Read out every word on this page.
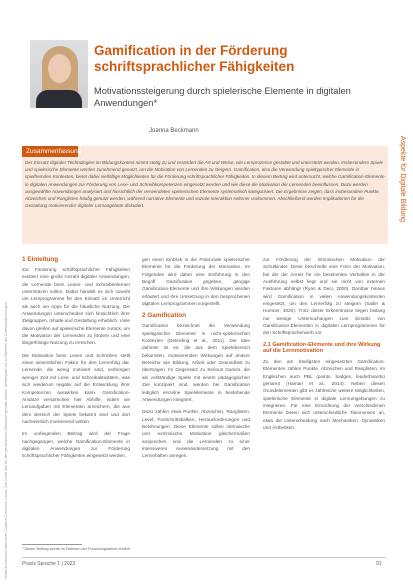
Inhalt ist lizenziert nach einer Creative Commons Lizenz. Der Inhalt darf für den persönlichen Gebrauch genutzt werden. Weitergabe nur im Rahmen der Lizenzbestimmungen.
Aspekte für Digitale Bildung
Gamification in der Förderung schriftsprachlicher Fähigkeiten

Motivationssteigerung durch spielerische Elemente in digitalen Anwendungen*

Joanna Beckmann
Zusammenfassung

Der Einsatz digitaler Technologien im Bildungskontext nimmt stetig zu und verändert die Art und Weise, wie Lernprozesse gestaltet und unterstützt werden. Insbesondere Spiele und spielerische Elemente werden zunehmend genutzt, um die Motivation von Lernenden zu steigern. Gamification, also die Verwendung spieltypischer Elemente in spielfremden Kontexten, bietet dabei vielfältige Möglichkeiten für die Förderung schriftsprachlicher Fähigkeiten. In diesem Beitrag wird untersucht, welche Gamification-Elemente in digitalen Anwendungen zur Förderung von Lese- und Schreibkompetenzen eingesetzt werden und wie diese die Motivation der Lernenden beeinflussen. Dazu werden ausgewählte Anwendungen analysiert und hinsichtlich der verwendeten spielerischen Elemente systematisch kategorisiert. Die Ergebnisse zeigen, dass insbesondere Punkte, Abzeichen und Ranglisten häufig genutzt werden, während narrative Elemente und soziale Interaktion seltener vorkommen. Abschließend werden Implikationen für die Gestaltung motivierender digitaler Lernangebote diskutiert.

1 Einleitung

Zur Förderung schriftsprachlicher Fähigkeiten existiert eine große Anzahl digitaler Anwendungen, die Lernende beim Lesen- und Schreibenlernen unterstützen sollen. Dabei handelt es sich sowohl um Lernprogramme für den Einsatz im Unterricht als auch um Apps für die häusliche Nutzung. Die Anwendungen unterscheiden sich hinsichtlich ihrer Zielgruppen, Inhalte und Gestaltung erheblich. Viele davon greifen auf spielerische Elemente zurück, um die Motivation der Lernenden zu fördern und eine längerfristige Nutzung zu erreichen.

Die Motivation beim Lesen und Schreiben stellt einen wesentlichen Faktor für den Lernerfolg dar. Lernende, die wenig motiviert sind, verbringen weniger Zeit mit Lese- und Schreibaktivitäten, was sich wiederum negativ auf die Entwicklung ihrer Kompetenzen auswirken kann. Gamification-Ansätze versprechen hier Abhilfe, indem sie Lernaufgaben mit Elementen anreichern, die aus dem Bereich der Spiele bekannt sind und dort nachweislich motivierend wirken.

Im vorliegenden Beitrag wird der Frage nachgegangen, welche Gamification-Elemente in digitalen Anwendungen zur Förderung schriftsprachlicher Fähigkeiten eingesetzt werden.

gen einen Einblick in die Potenziale spielerischer Elemente für die Förderung der Motivation. Im Folgenden wird daher eine Einführung in den Begriff Gamification gegeben, gängige Gamification-Elemente und ihre Wirkungen werden erläutert und ihre Umsetzung in den besprochenen digitalen Lernprogrammen vorgestellt.

2 Gamification

Gamification bezeichnet die Verwendung spieltypischer Elemente in nicht-spielerischen Kontexten (Deterding et al., 2011). Die Idee dahinter ist es, die aus dem Spielebereich bekannten, motivierenden Wirkungen auf andere Bereiche wie Bildung, Arbeit oder Gesundheit zu übertragen. Im Gegensatz zu Serious Games, die als vollständige Spiele mit einem pädagogischen Ziel konzipiert sind, werden bei Gamification lediglich einzelne Spielelemente in bestehende Anwendungen integriert.

Dazu zählen etwa Punkte, Abzeichen, Ranglisten, Level, Fortschrittsbalken, Herausforderungen und Belohnungen. Diese Elemente sollen intrinsische und extrinsische Motivation gleichermaßen ansprechen und die Lernenden zu einer intensiveren Auseinandersetzung mit den Lerninhalten anregen.

zur Förderung der intrinsischen Motivation der Schulkinder. Diese beschreibt eine Form der Motivation, bei der der Anreiz für ein bestimmtes Verhalten in der Ausführung selbst liegt und sie nicht von externen Faktoren abhängt (Ryan & Deci, 2000). Darüber hinaus wird Gamification in vielen Anwendungskontexten eingesetzt, um den Lernerfolg zu steigern (Sailer & Homner, 2020). Trotz dieser Erkenntnisse liegen bislang nur wenige Untersuchungen zum Einsatz von Gamification-Elementen in digitalen Lernprogrammen für den Schriftspracherwerb vor.

2.1 Gamification-Elemente und ihre Wirkung auf die Lernmotivation

Zu den am häufigsten eingesetzten Gamification-Elementen zählen Punkte, Abzeichen und Ranglisten, im Englischen auch PBL (points, badges, leaderboards) genannt (Hamari et al., 2014). Neben diesen Grundelementen gibt es zahlreiche weitere Möglichkeiten, spielerische Elemente in digitale Lernumgebungen zu integrieren. Für eine Einordnung der verschiedenen Elemente bieten sich unterschiedliche Taxonomien an, etwa die Unterscheidung nach Mechaniken, Dynamiken und Ästhetiken.

* Dieser Beitrag wurde im Rahmen der Forschungsarbeit erstellt.
Praxis Sprache 1 | 2023	91
